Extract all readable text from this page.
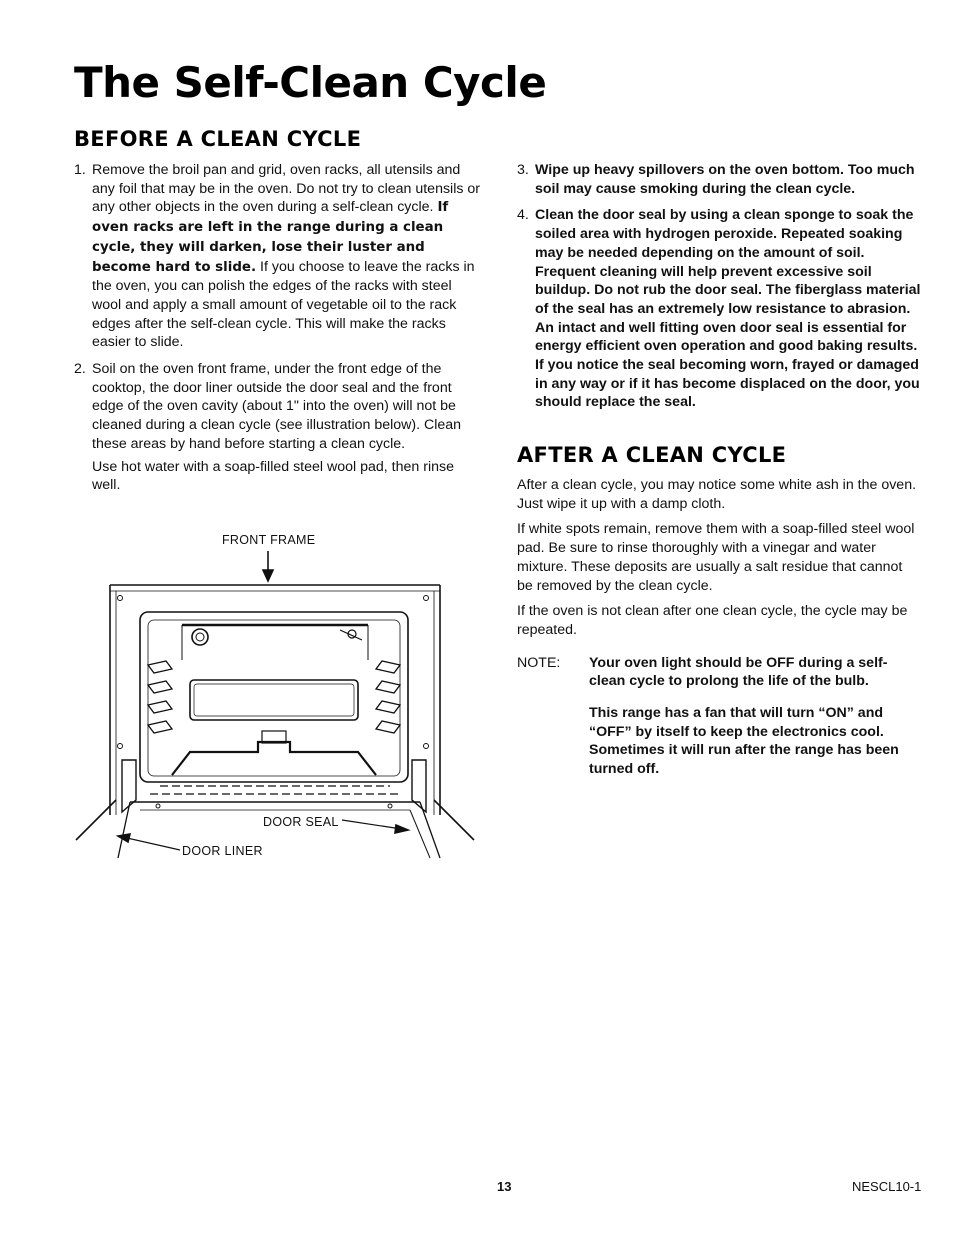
The Self-Clean Cycle
BEFORE A CLEAN CYCLE
1. Remove the broil pan and grid, oven racks, all utensils and any foil that may be in the oven. Do not try to clean utensils or any other objects in the oven during a self-clean cycle. If oven racks are left in the range during a clean cycle, they will darken, lose their luster and become hard to slide. If you choose to leave the racks in the oven, you can polish the edges of the racks with steel wool and apply a small amount of vegetable oil to the rack edges after the self-clean cycle. This will make the racks easier to slide.

2. Soil on the oven front frame, under the front edge of the cooktop, the door liner outside the door seal and the front edge of the oven cavity (about 1" into the oven) will not be cleaned during a clean cycle (see illustration below). Clean these areas by hand before starting a clean cycle.

Use hot water with a soap-filled steel wool pad, then rinse well.

FRONT FRAME
DOOR SEAL
DOOR LINER
3. Wipe up heavy spillovers on the oven bottom. Too much soil may cause smoking during the clean cycle.

4. Clean the door seal by using a clean sponge to soak the soiled area with hydrogen peroxide. Repeated soaking may be needed depending on the amount of soil. Frequent cleaning will help prevent excessive soil buildup. Do not rub the door seal. The fiberglass material of the seal has an extremely low resistance to abrasion. An intact and well fitting oven door seal is essential for energy efficient oven operation and good baking results. If you notice the seal becoming worn, frayed or damaged in any way or if it has become displaced on the door, you should replace the seal.

AFTER A CLEAN CYCLE

After a clean cycle, you may notice some white ash in the oven. Just wipe it up with a damp cloth.

If white spots remain, remove them with a soap-filled steel wool pad. Be sure to rinse thoroughly with a vinegar and water mixture. These deposits are usually a salt residue that cannot be removed by the clean cycle.

If the oven is not clean after one clean cycle, the cycle may be repeated.

NOTE:	Your oven light should be OFF during a self-clean cycle to prolong the life of the bulb.

This range has a fan that will turn “ON” and “OFF” by itself to keep the electronics cool. Sometimes it will run after the range has been turned off.

13	NESCL10-1
